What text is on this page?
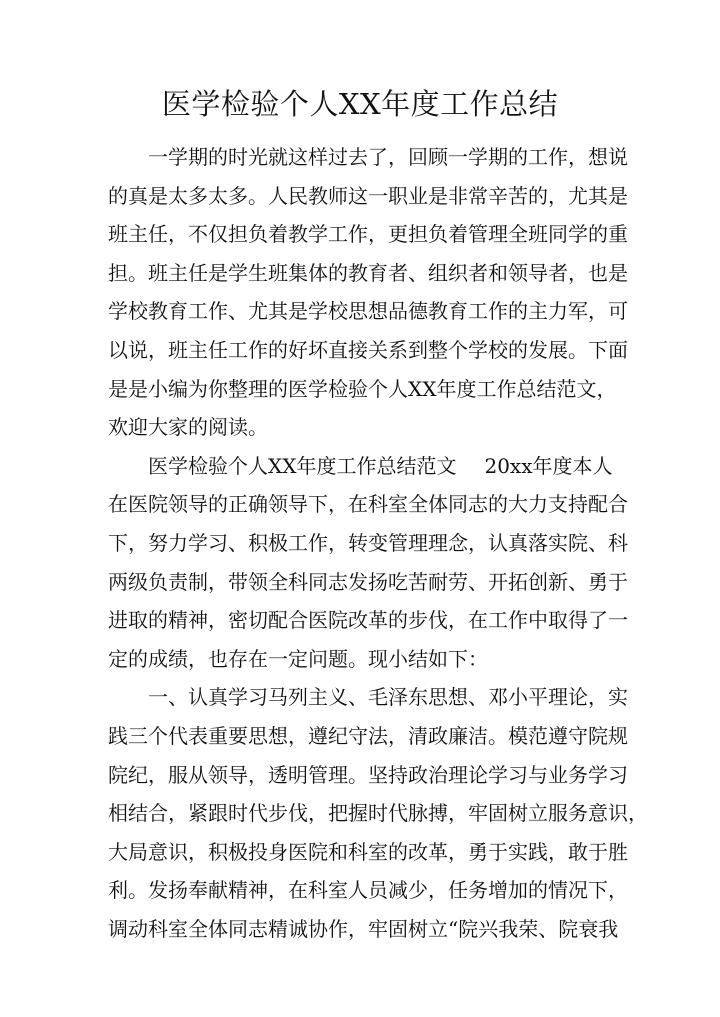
医学检验个人XX年度工作总结
一学期的时光就这样过去了，回顾一学期的工作，想说
的真是太多太多。人民教师这一职业是非常辛苦的，尤其是
班主任，不仅担负着教学工作，更担负着管理全班同学的重
担。班主任是学生班集体的教育者、组织者和领导者，也是
学校教育工作、尤其是学校思想品德教育工作的主力军，可
以说，班主任工作的好坏直接关系到整个学校的发展。下面
是是小编为你整理的医学检验个人XX年度工作总结范文，
欢迎大家的阅读。
医学检验个人XX年度工作总结范文 20xx年度本人
在医院领导的正确领导下，在科室全体同志的大力支持配合
下，努力学习、积极工作，转变管理理念，认真落实院、科
两级负责制，带领全科同志发扬吃苦耐劳、开拓创新、勇于
进取的精神，密切配合医院改革的步伐，在工作中取得了一
定的成绩，也存在一定问题。现小结如下：
一、认真学习马列主义、毛泽东思想、邓小平理论，实
践三个代表重要思想，遵纪守法，清政廉洁。模范遵守院规
院纪，服从领导，透明管理。坚持政治理论学习与业务学习
相结合，紧跟时代步伐，把握时代脉搏，牢固树立服务意识，
大局意识，积极投身医院和科室的改革，勇于实践，敢于胜
利。发扬奉献精神，在科室人员减少，任务增加的情况下，
调动科室全体同志精诚协作，牢固树立“院兴我荣、院衰我
